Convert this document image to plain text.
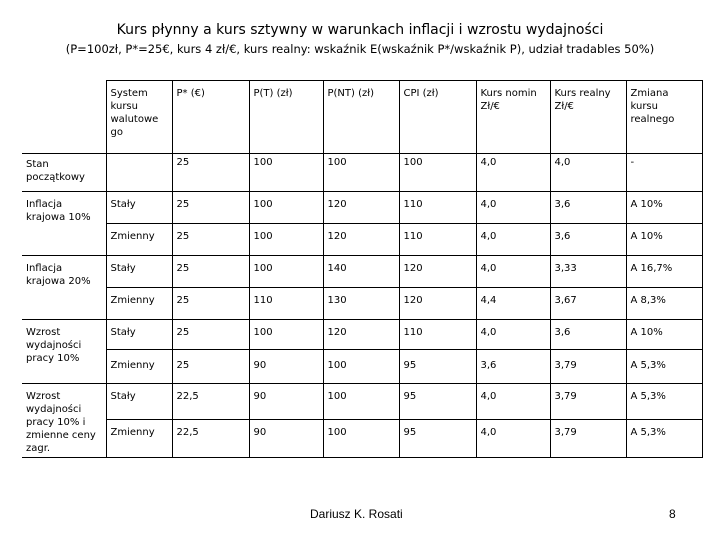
Kurs płynny a kurs sztywny w warunkach inflacji i wzrostu wydajności
(P=100zł, P*=25€, kurs 4 zł/€, kurs realny: wskaźnik E(wskaźnik P*/wskaźnik P), udział tradables 50%)
	System kursu walutowe go	P* (€)	P(T) (zł)	P(NT) (zł)	CPI (zł)	Kurs nomin Zł/€	Kurs realny Zł/€	Zmiana kursu realnego
Stan początkowy		25	100	100	100	4,0	4,0	-
Inflacja krajowa 10%	Stały	25	100	120	110	4,0	3,6	A 10%
	Zmienny	25	100	120	110	4,0	3,6	A 10%
Inflacja krajowa 20%	Stały	25	100	140	120	4,0	3,33	A 16,7%
	Zmienny	25	110	130	120	4,4	3,67	A 8,3%
Wzrost wydajności pracy 10%	Stały	25	100	120	110	4,0	3,6	A 10%
	Zmienny	25	90	100	95	3,6	3,79	A 5,3%
Wzrost wydajności pracy 10% i zmienne ceny zagr.	Stały	22,5	90	100	95	4,0	3,79	A 5,3%
	Zmienny	22,5	90	100	95	4,0	3,79	A 5,3%
Dariusz K. Rosati	8
